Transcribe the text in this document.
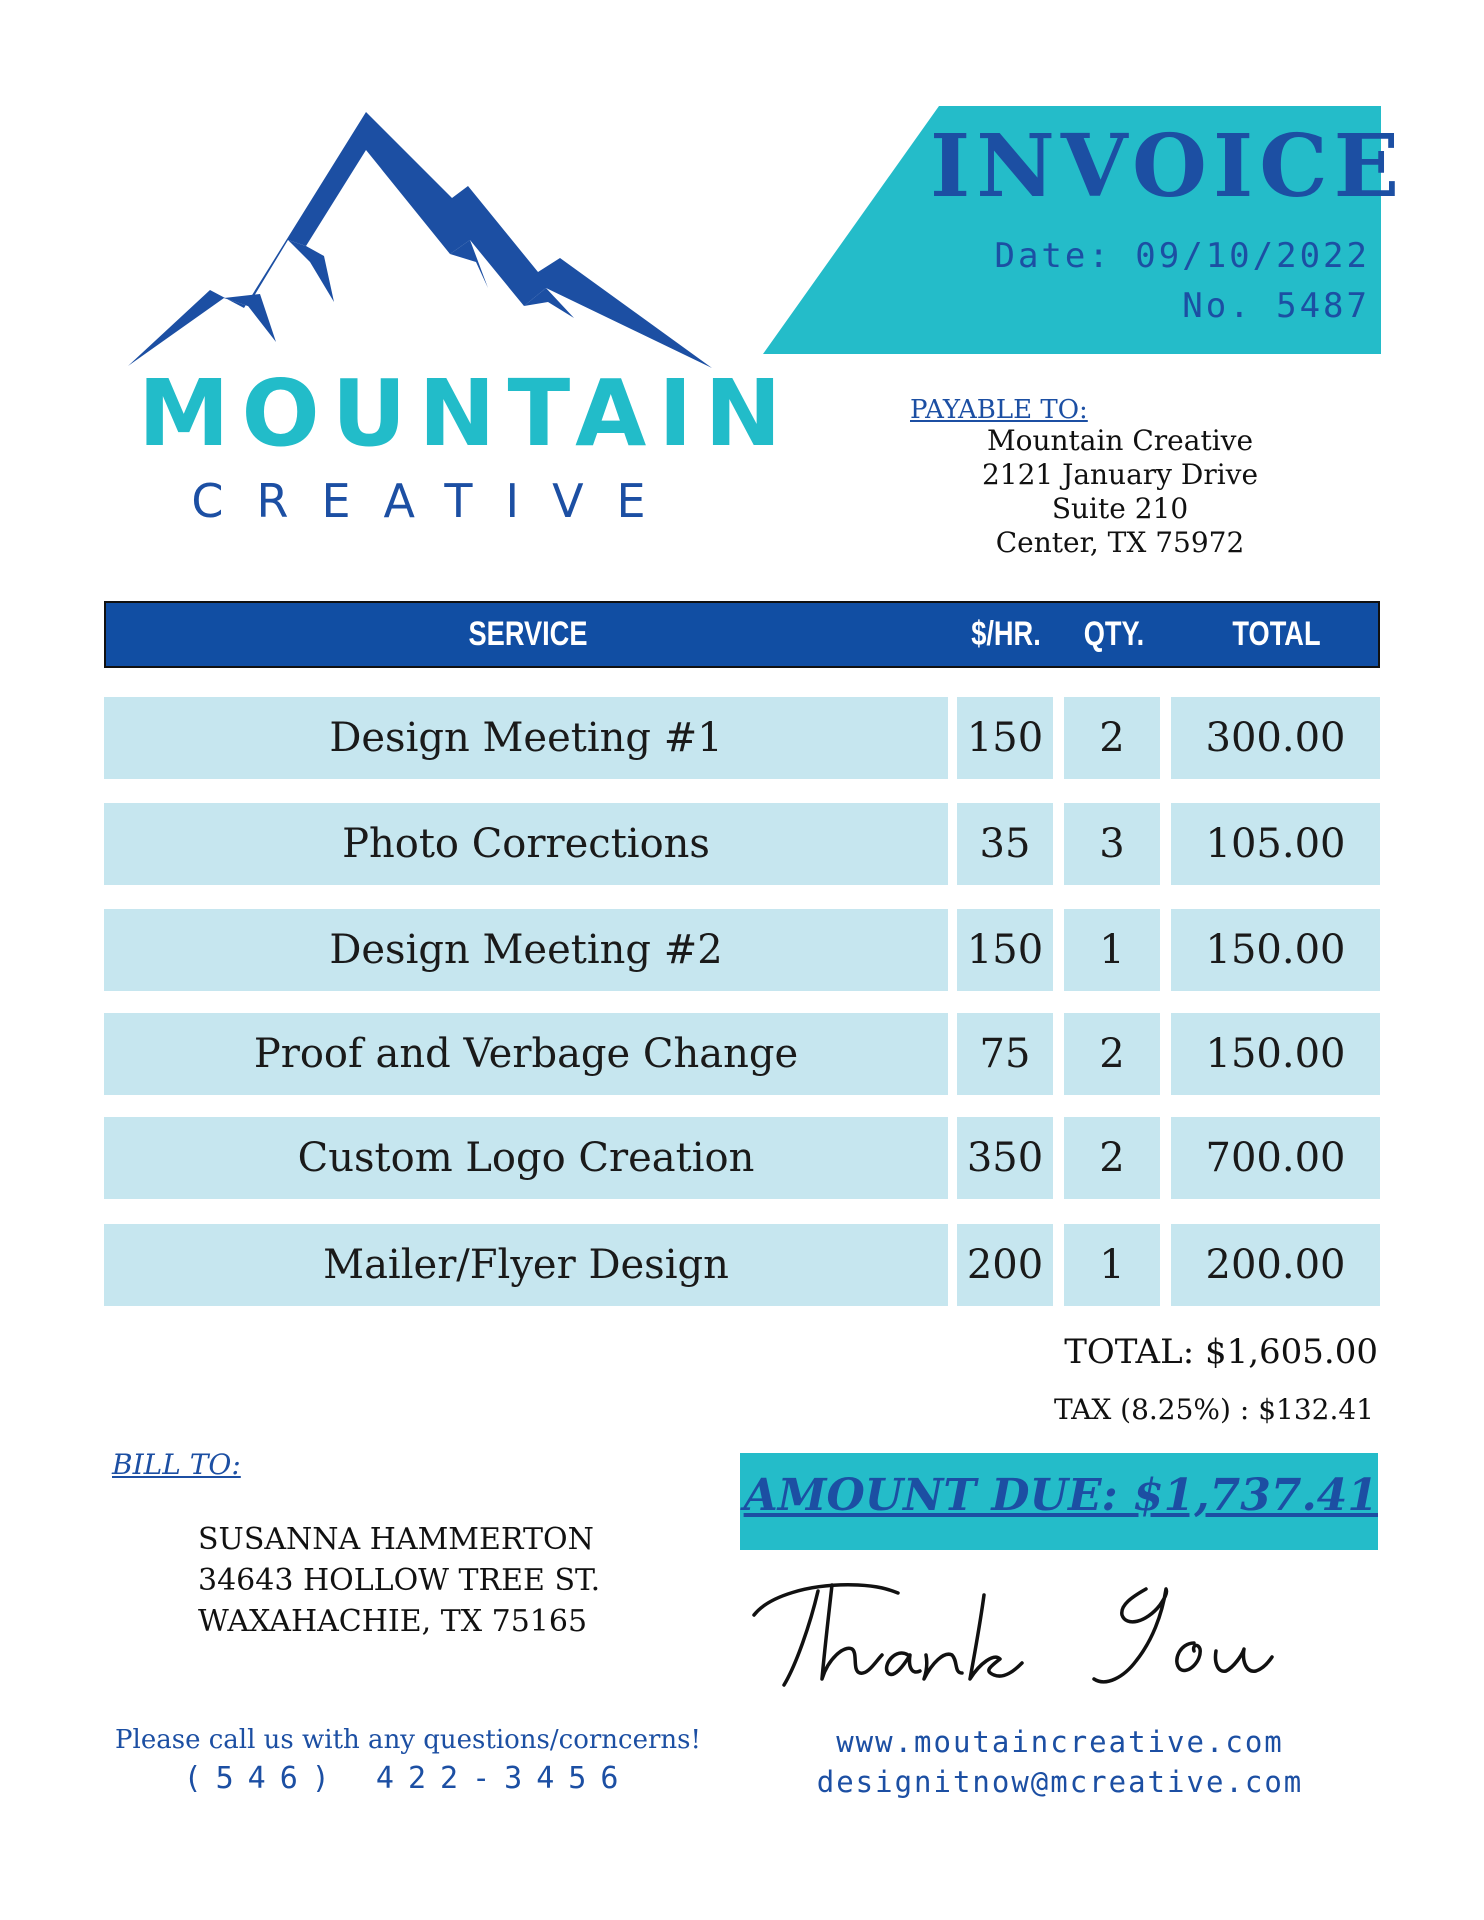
MOUNTAIN
CREATIVE
INVOICE
Date: 09/10/2022
No. 5487
PAYABLE TO:
Mountain Creative
2121 January Drive
Suite 210
Center, TX 75972
SERVICE	$/HR.	QTY.	TOTAL
Design Meeting #1	150	2	300.00
Photo Corrections	35	3	105.00
Design Meeting #2	150	1	150.00
Proof and Verbage Change	75	2	150.00
Custom Logo Creation	350	2	700.00
Mailer/Flyer Design	200	1	200.00
TOTAL: $1,605.00
TAX (8.25%) : $132.41
AMOUNT DUE: $1,737.41
BILL TO:
SUSANNA HAMMERTON
34643 HOLLOW TREE ST.
WAXAHACHIE, TX 75165
Please call us with any questions/corncerns!
(546) 422-3456
www.moutaincreative.com
designitnow@mcreative.com
